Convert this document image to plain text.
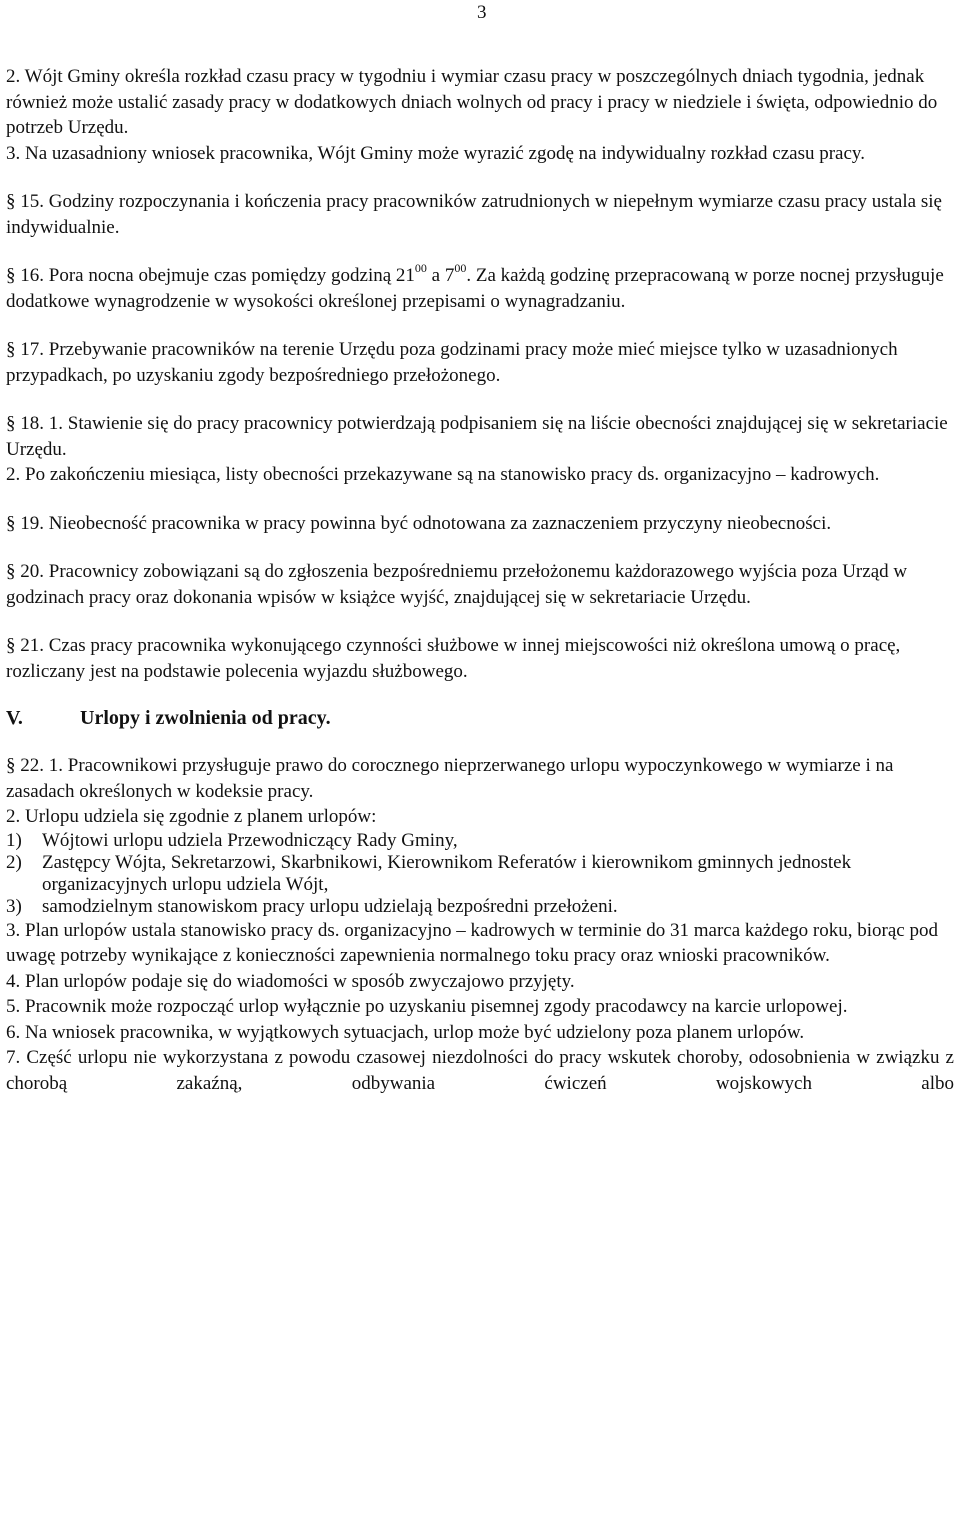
3

2. Wójt Gminy określa rozkład czasu pracy w tygodniu i wymiar czasu pracy w poszczególnych dniach tygodnia, jednak również może ustalić zasady pracy w dodatkowych dniach wolnych od pracy i pracy w niedziele i święta, odpowiednio do potrzeb Urzędu.

3. Na uzasadniony wniosek pracownika, Wójt Gminy może wyrazić zgodę na indywidualny rozkład czasu pracy.

§ 15. Godziny rozpoczynania i kończenia pracy pracowników zatrudnionych w niepełnym wymiarze czasu pracy ustala się indywidualnie.

§ 16. Pora nocna obejmuje czas pomiędzy godziną $21^{00}$ a $7^{00}$. Za każdą godzinę przepracowaną w porze nocnej przysługuje dodatkowe wynagrodzenie w wysokości określonej przepisami o wynagradzaniu.

§ 17. Przebywanie pracowników na terenie Urzędu poza godzinami pracy może mieć miejsce tylko w uzasadnionych przypadkach, po uzyskaniu zgody bezpośredniego przełożonego.

§ 18. 1. Stawienie się do pracy pracownicy potwierdzają podpisaniem się na liście obecności znajdującej się w sekretariacie Urzędu.

2. Po zakończeniu miesiąca, listy obecności przekazywane są na stanowisko pracy ds. organizacyjno – kadrowych.

§ 19. Nieobecność pracownika w pracy powinna być odnotowana za zaznaczeniem przyczyny nieobecności.

§ 20. Pracownicy zobowiązani są do zgłoszenia bezpośredniemu przełożonemu każdorazowego wyjścia poza Urząd w godzinach pracy oraz dokonania wpisów w książce wyjść, znajdującej się w sekretariacie Urzędu.

§ 21. Czas pracy pracownika wykonującego czynności służbowe w innej miejscowości niż określona umową o pracę, rozliczany jest na podstawie polecenia wyjazdu służbowego.

V.	Urlopy i zwolnienia od pracy.

§ 22. 1. Pracownikowi przysługuje prawo do corocznego nieprzerwanego urlopu wypoczynkowego w wymiarze i na zasadach określonych w kodeksie pracy.

2. Urlopu udziela się zgodnie z planem urlopów:

1)	Wójtowi urlopu udziela Przewodniczący Rady Gminy,
2)	Zastępcy Wójta, Sekretarzowi, Skarbnikowi, Kierownikom Referatów i kierownikom gminnych jednostek organizacyjnych urlopu udziela Wójt,
3)	samodzielnym stanowiskom pracy urlopu udzielają bezpośredni przełożeni.

3. Plan urlopów ustala stanowisko pracy ds. organizacyjno – kadrowych w terminie do 31 marca każdego roku, biorąc pod uwagę potrzeby wynikające z konieczności zapewnienia normalnego toku pracy oraz wnioski pracowników.

4. Plan urlopów podaje się do wiadomości w sposób zwyczajowo przyjęty.

5. Pracownik może rozpocząć urlop wyłącznie po uzyskaniu pisemnej zgody pracodawcy na karcie urlopowej.

6. Na wniosek pracownika, w wyjątkowych sytuacjach, urlop może być udzielony poza planem urlopów.

7. Część urlopu nie wykorzystana z powodu czasowej niezdolności do pracy wskutek choroby, odosobnienia w związku z chorobą zakaźną, odbywania ćwiczeń wojskowych albo
